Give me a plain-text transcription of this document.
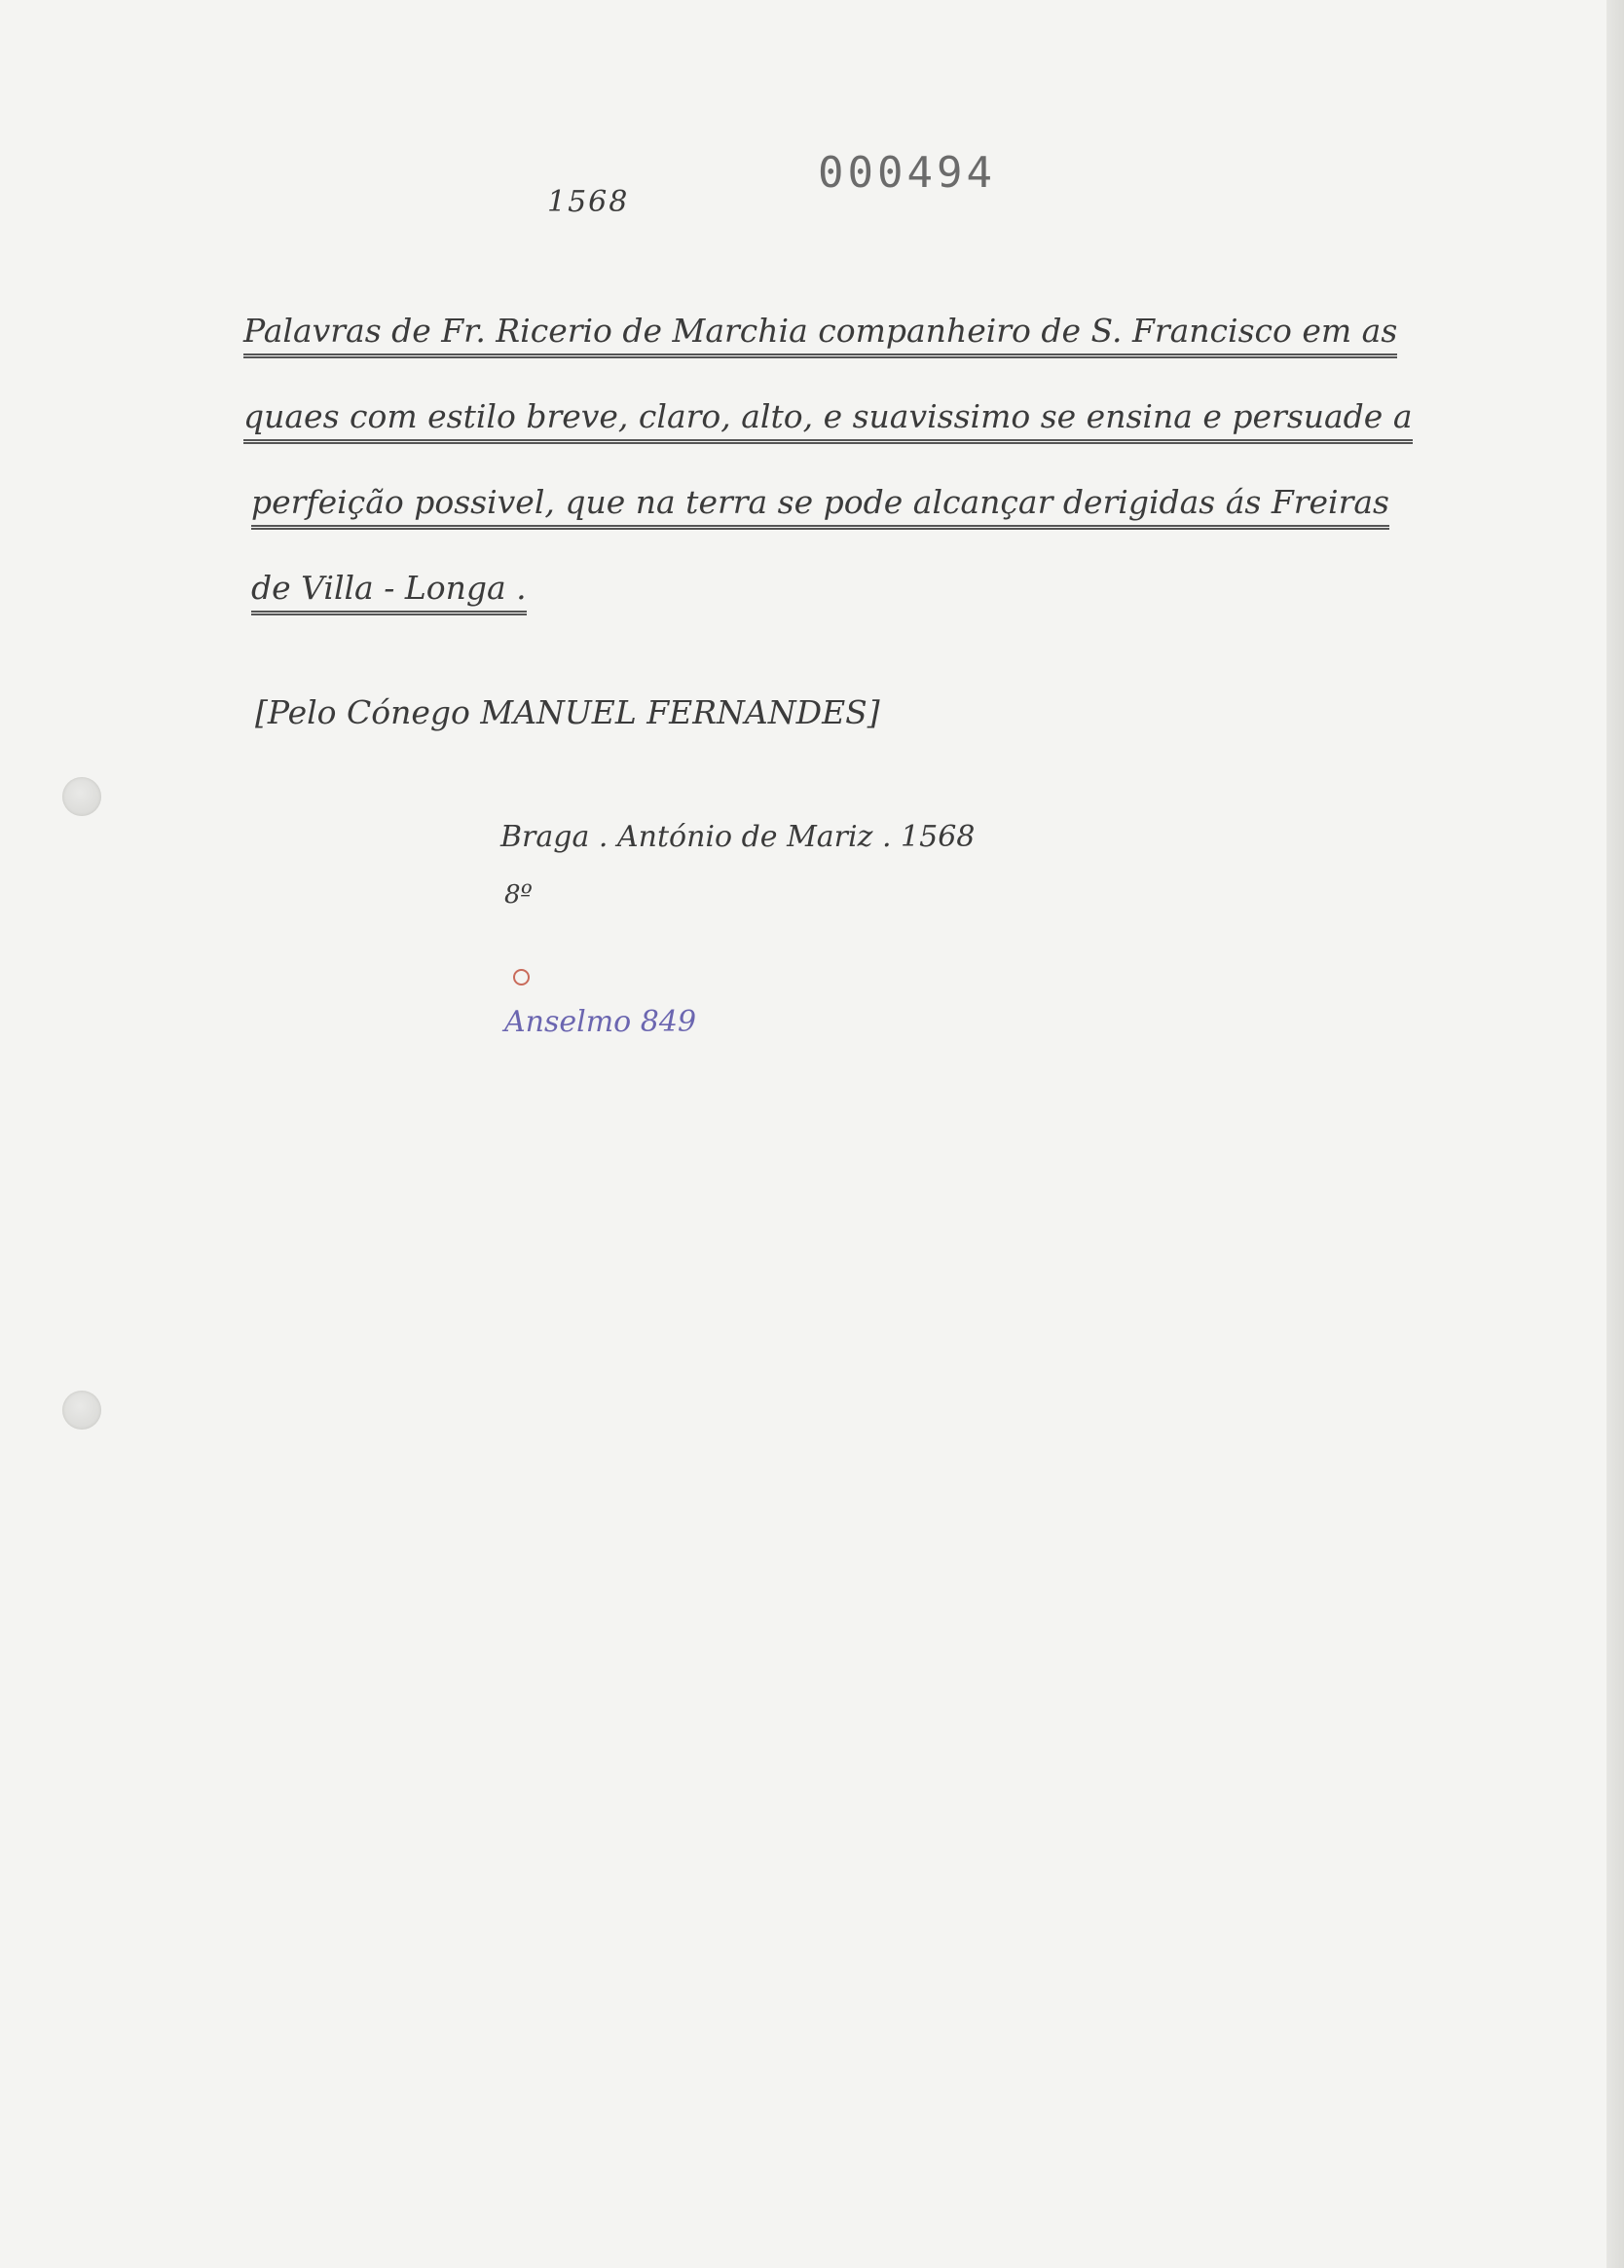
1568
000494
Palavras de Fr. Ricerio de Marchia companheiro de S. Francisco em as
quaes com estilo breve, claro, alto, e suavissimo se ensina e persuade a
perfeição possivel, que na terra se pode alcançar derigidas ás Freiras
de Villa - Longa .
[Pelo Cónego MANUEL FERNANDES]
Braga . António de Mariz . 1568
8º
Anselmo 849
